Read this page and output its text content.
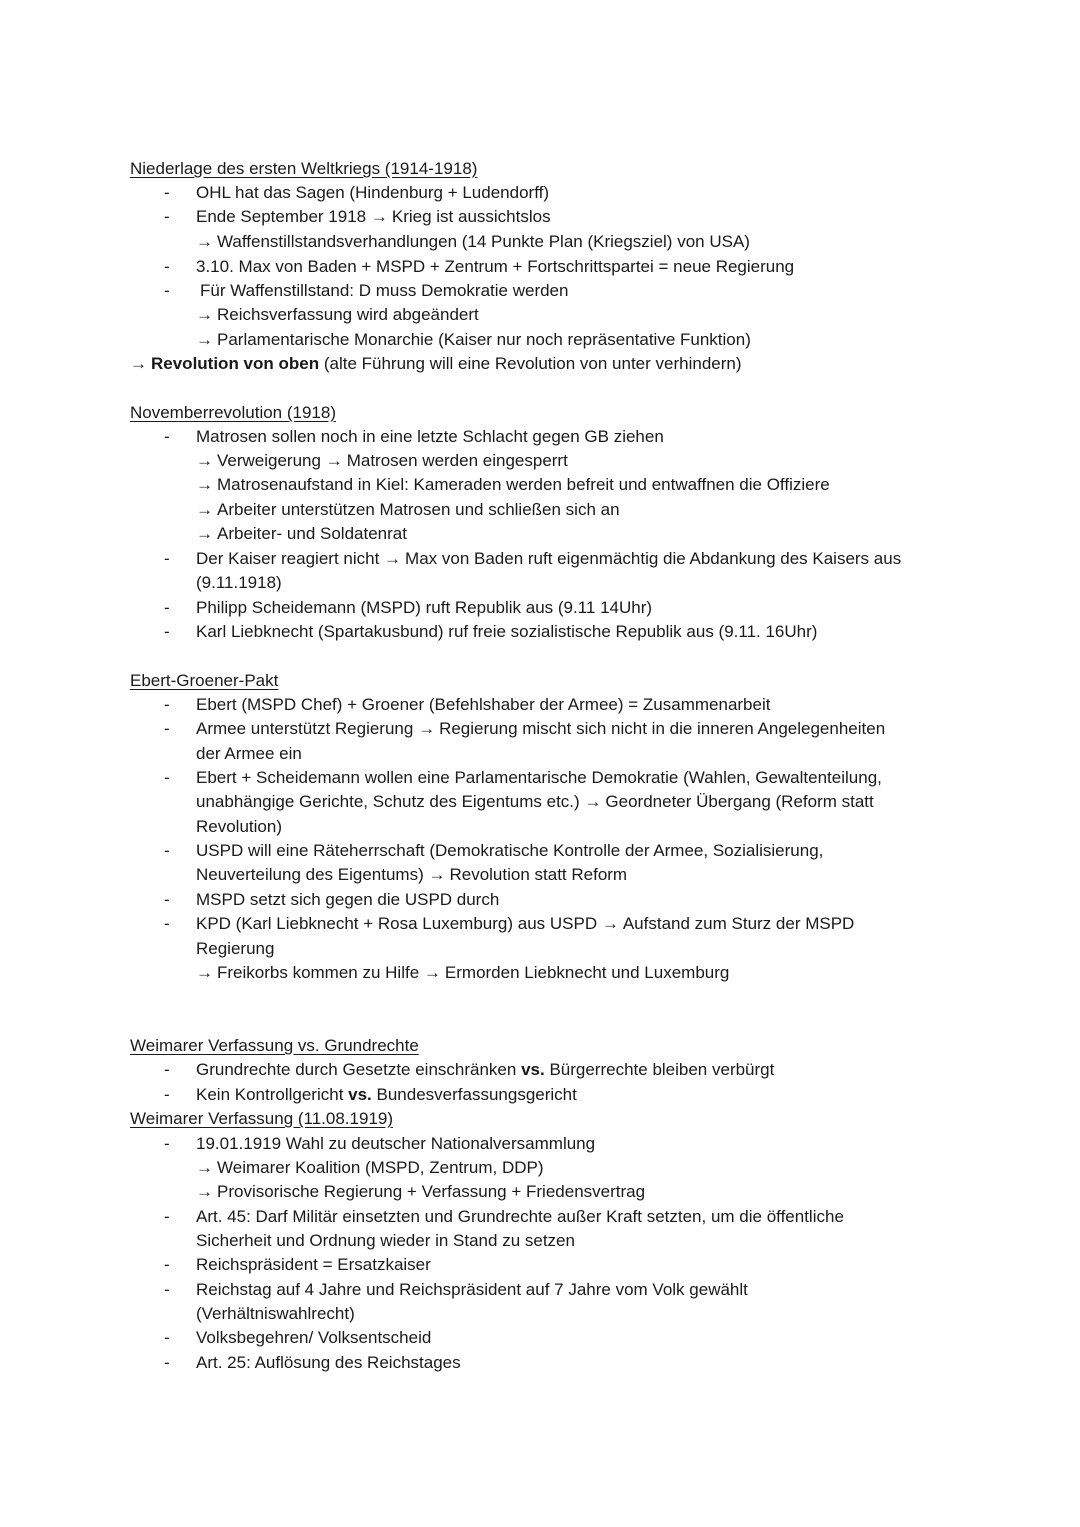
Niederlage des ersten Weltkriegs (1914-1918)
- OHL hat das Sagen (Hindenburg + Ludendorff)
- Ende September 1918 → Krieg ist aussichtslos
→ Waffenstillstandsverhandlungen (14 Punkte Plan (Kriegsziel) von USA)
- 3.10. Max von Baden + MSPD + Zentrum + Fortschrittspartei = neue Regierung
- Für Waffenstillstand: D muss Demokratie werden
→ Reichsverfassung wird abgeändert
→ Parlamentarische Monarchie (Kaiser nur noch repräsentative Funktion)
→ Revolution von oben (alte Führung will eine Revolution von unter verhindern)
Novemberrevolution (1918)
- Matrosen sollen noch in eine letzte Schlacht gegen GB ziehen
→ Verweigerung → Matrosen werden eingesperrt
→ Matrosenaufstand in Kiel: Kameraden werden befreit und entwaffnen die Offiziere
→ Arbeiter unterstützen Matrosen und schließen sich an
→ Arbeiter- und Soldatenrat
- Der Kaiser reagiert nicht → Max von Baden ruft eigenmächtig die Abdankung des Kaisers aus
(9.11.1918)
- Philipp Scheidemann (MSPD) ruft Republik aus (9.11 14Uhr)
- Karl Liebknecht (Spartakusbund) ruf freie sozialistische Republik aus (9.11. 16Uhr)
Ebert-Groener-Pakt
- Ebert (MSPD Chef) + Groener (Befehlshaber der Armee) = Zusammenarbeit
- Armee unterstützt Regierung → Regierung mischt sich nicht in die inneren Angelegenheiten
der Armee ein
- Ebert + Scheidemann wollen eine Parlamentarische Demokratie (Wahlen, Gewaltenteilung,
unabhängige Gerichte, Schutz des Eigentums etc.) → Geordneter Übergang (Reform statt
Revolution)
- USPD will eine Räteherrschaft (Demokratische Kontrolle der Armee, Sozialisierung,
Neuverteilung des Eigentums) → Revolution statt Reform
- MSPD setzt sich gegen die USPD durch
- KPD (Karl Liebknecht + Rosa Luxemburg) aus USPD → Aufstand zum Sturz der MSPD
Regierung
→ Freikorbs kommen zu Hilfe → Ermorden Liebknecht und Luxemburg
Weimarer Verfassung vs. Grundrechte
- Grundrechte durch Gesetzte einschränken vs. Bürgerrechte bleiben verbürgt
- Kein Kontrollgericht vs. Bundesverfassungsgericht
Weimarer Verfassung (11.08.1919)
- 19.01.1919 Wahl zu deutscher Nationalversammlung
→ Weimarer Koalition (MSPD, Zentrum, DDP)
→ Provisorische Regierung + Verfassung + Friedensvertrag
- Art. 45: Darf Militär einsetzten und Grundrechte außer Kraft setzten, um die öffentliche
Sicherheit und Ordnung wieder in Stand zu setzen
- Reichspräsident = Ersatzkaiser
- Reichstag auf 4 Jahre und Reichspräsident auf 7 Jahre vom Volk gewählt
(Verhältniswahlrecht)
- Volksbegehren/ Volksentscheid
- Art. 25: Auflösung des Reichstages
